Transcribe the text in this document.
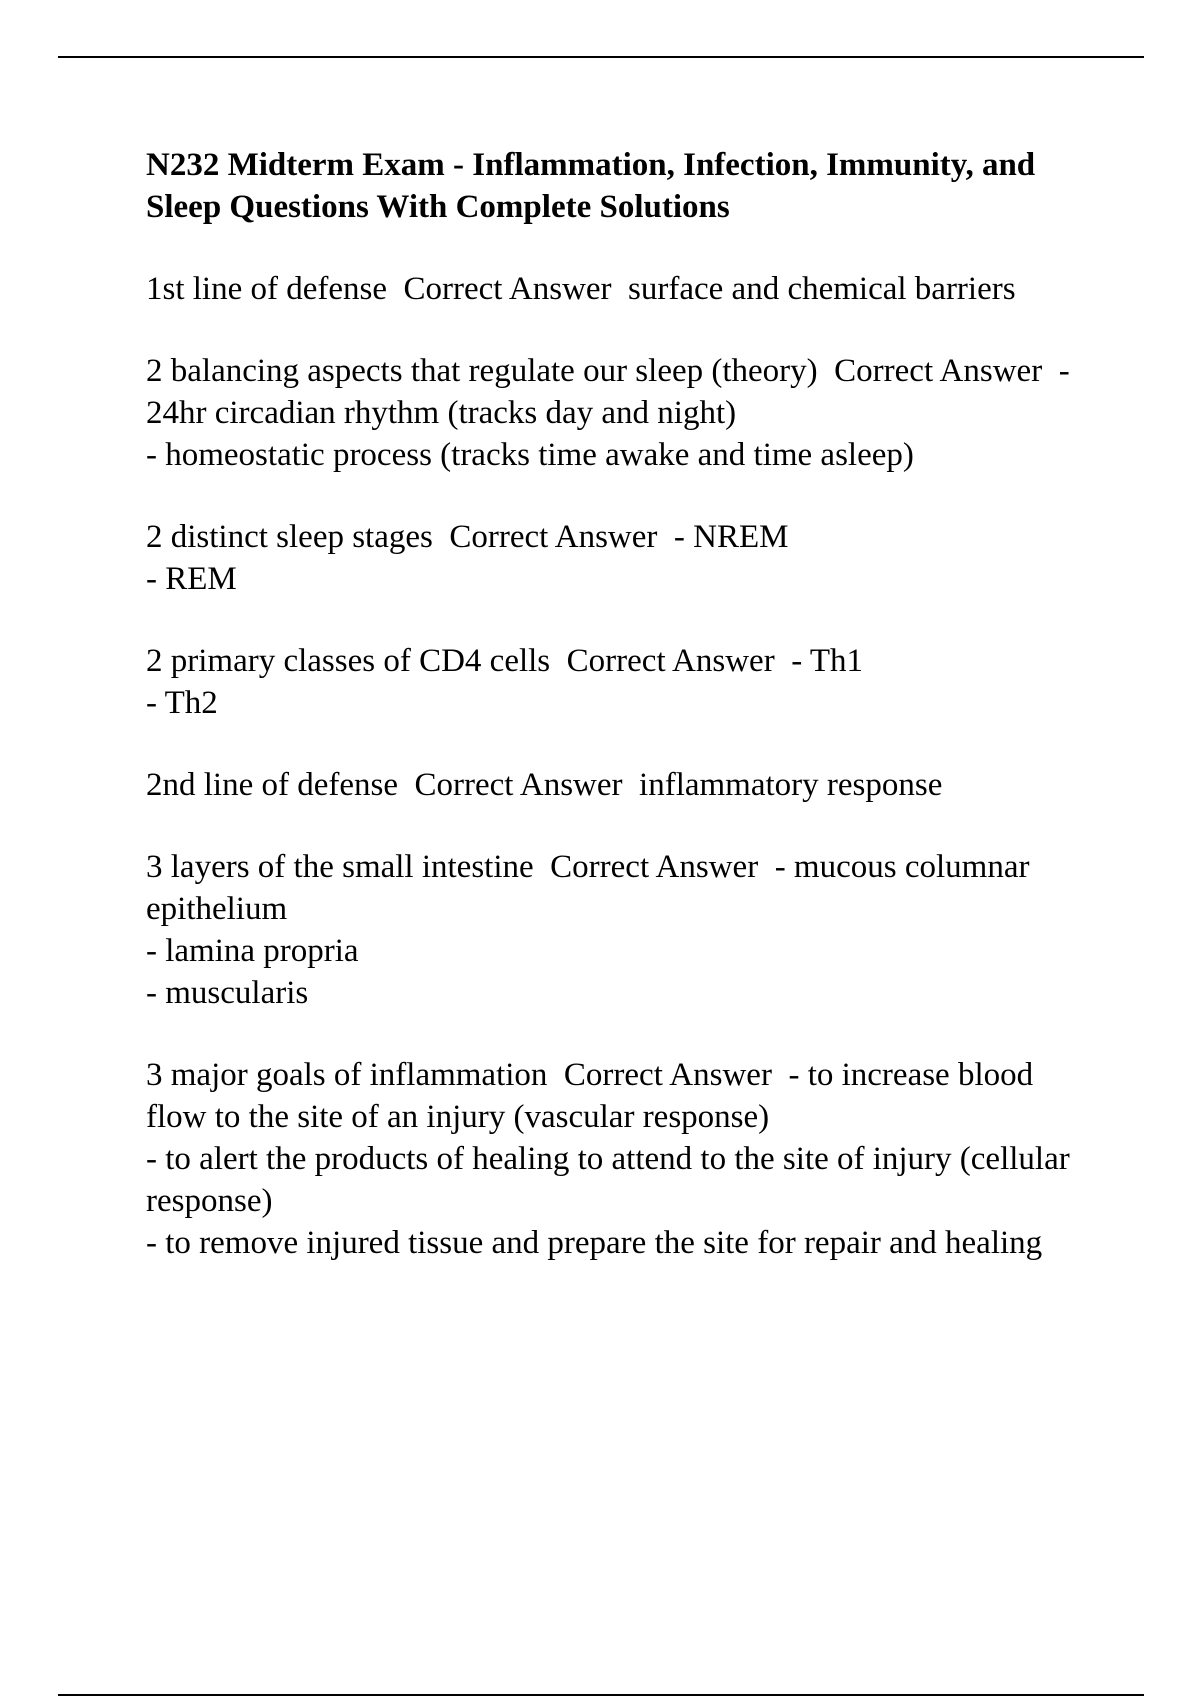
N232 Midterm Exam - Inflammation, Infection, Immunity, and Sleep Questions With Complete Solutions
1st line of defense Correct Answer surface and chemical barriers
2 balancing aspects that regulate our sleep (theory) Correct Answer - 24hr circadian rhythm (tracks day and night)
- homeostatic process (tracks time awake and time asleep)
2 distinct sleep stages Correct Answer - NREM
- REM
2 primary classes of CD4 cells Correct Answer - Th1
- Th2
2nd line of defense Correct Answer inflammatory response
3 layers of the small intestine Correct Answer - mucous columnar epithelium
- lamina propria
- muscularis
3 major goals of inflammation Correct Answer - to increase blood flow to the site of an injury (vascular response)
- to alert the products of healing to attend to the site of injury (cellular response)
- to remove injured tissue and prepare the site for repair and healing
